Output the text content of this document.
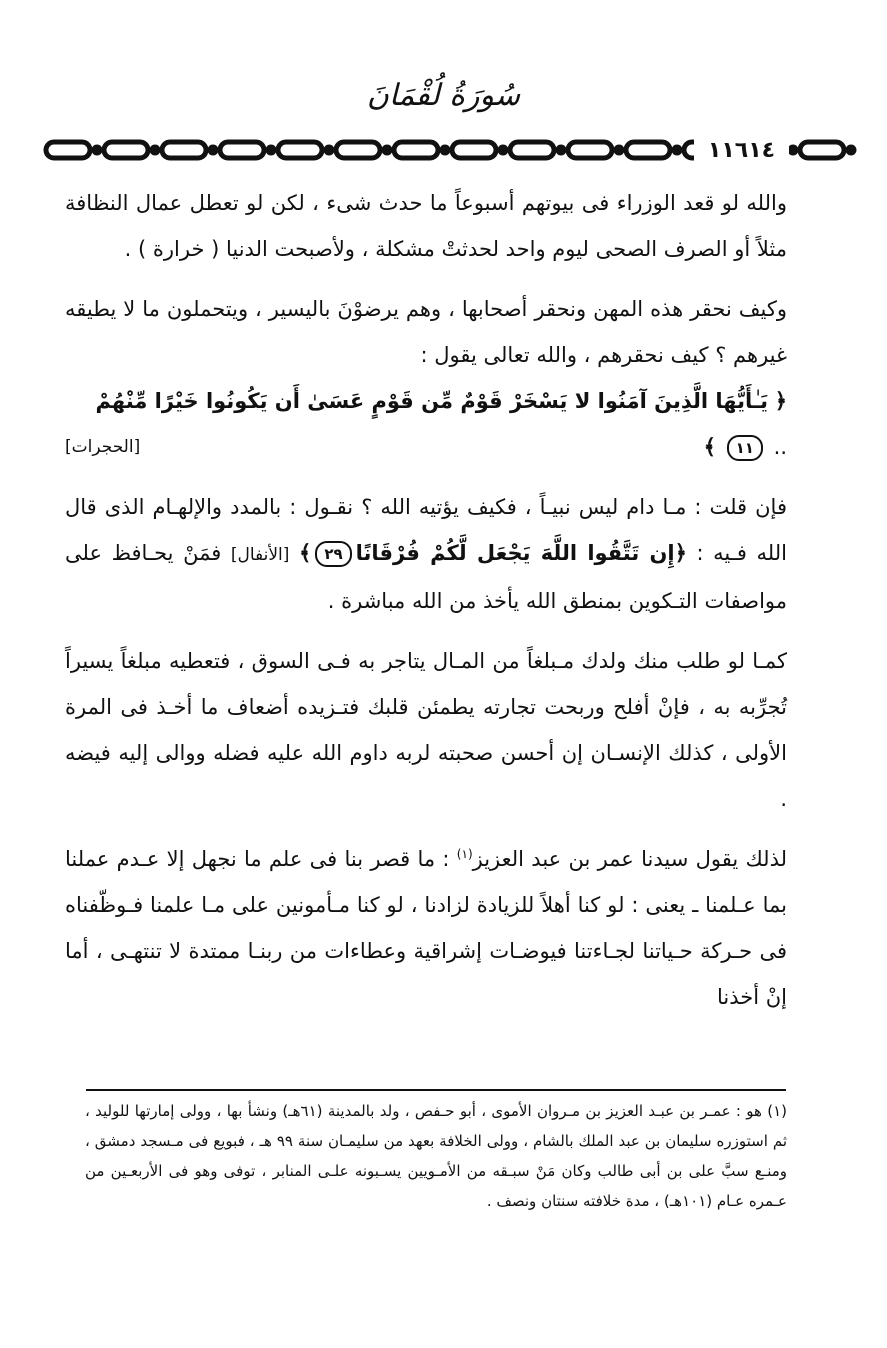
سُورَةُ لُقْمَانَ
١١٦١٤

والله لو قعد الوزراء فى بيوتهم أسبوعاً ما حدث شىء ، لكن لو تعطل عمال النظافة مثلاً أو الصرف الصحى ليوم واحد لحدثتْ مشكلة ، ولأصبحت الدنيا ( خرارة ) .

وكيف نحقر هذه المهن ونحقر أصحابها ، وهم يرضوْنَ باليسير ، ويتحملون ما لا يطيقه غيرهم ؟ كيف نحقرهم ، والله تعالى يقول :

﴿ يَـٰأَيُّهَا الَّذِينَ آمَنُوا لا يَسْخَرْ قَوْمٌ مِّن قَوْمٍ عَسَىٰ أَن يَكُونُوا خَيْرًا مِّنْهُمْ

.. ١١ ﴾
[الحجرات]

فإن قلت : مـا دام ليس نبيـاً ، فكيف يؤتيه الله ؟ نقـول : بالمدد والإلهـام الذى قال الله فـيه : ﴿إِن تَتَّقُوا اللَّهَ يَجْعَل لَّكُمْ فُرْقَانًا٢٩﴾ [الأنفال] فمَنْ يحـافظ على مواصفات التـكوين بمنطق الله يأخذ من الله مباشرة .

كمـا لو طلب منك ولدك مـبلغاً من المـال يتاجر به فـى السوق ، فتعطيه مبلغاً يسيراً تُجرِّبه به ، فإنْ أفلح وربحت تجارته يطمئن قلبك فتـزيده أضعاف ما أخـذ فى المرة الأولى ، كذلك الإنسـان إن أحسن صحبته لربه داوم الله عليه فضله ووالى إليه فيضه .

لذلك يقول سيدنا عمر بن عبد العزيز$^{(١)}$ : ما قصر بنا فى علم ما نجهل إلا عـدم عملنا بما عـلمنا ـ يعنى : لو كنا أهلاً للزيادة لزادنا ، لو كنا مـأمونين على مـا علمنا فـوظّفناه فى حـركة حـياتنا لجـاءتنا فيوضـات إشراقية وعطاءات من ربنـا ممتدة لا تنتهـى ، أما إنْ أخذنا

(١) هو : عمـر بن عبـد العزيز بن مـروان الأموى ، أبو حـفص ، ولد بالمدينة (٦١هـ) ونشأ بها ، وولى إمارتها للوليد ، ثم استوزره سليمان بن عبد الملك بالشام ، وولى الخلافة بعهد من سليمـان سنة ٩٩ هـ ، فبويع فى مـسجد دمشق ، ومنـع سبَّ على بن أبى طالب وكان مَنْ سبـقه من الأمـويين يسـبونه علـى المنابر ، توفى وهو فى الأربعـين من عـمره عـام (١٠١هـ) ، مدة خلافته سنتان ونصف .
